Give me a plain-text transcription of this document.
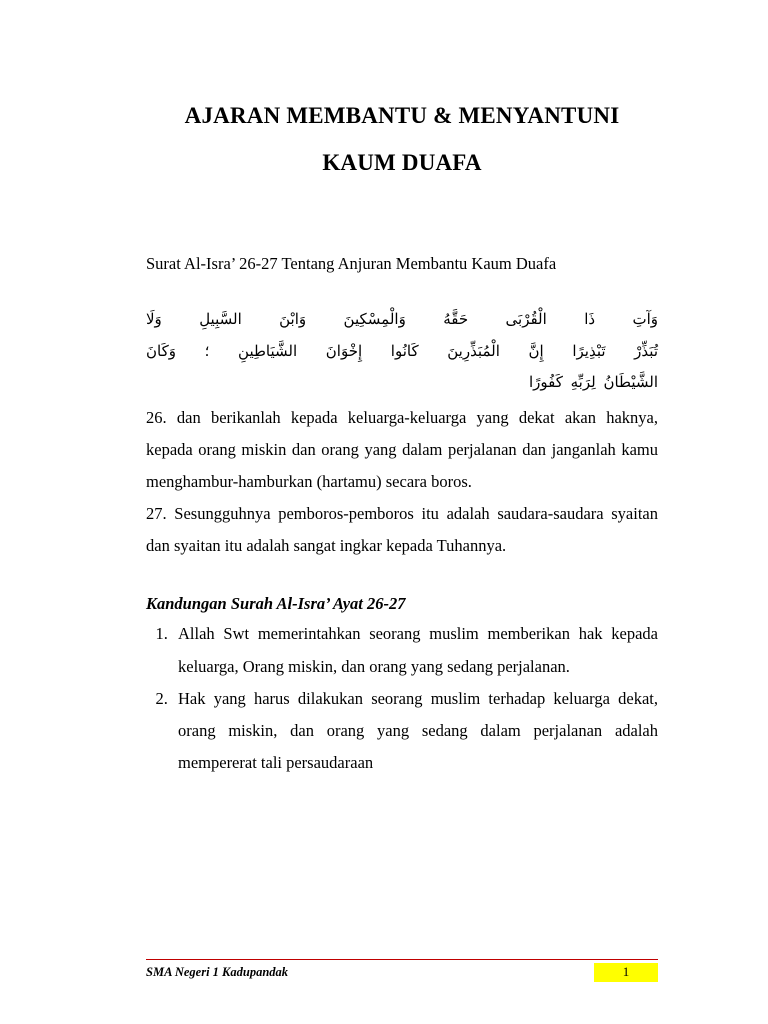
AJARAN MEMBANTU & MENYANTUNI
KAUM DUAFA
Surat Al-Isra’ 26-27 Tentang Anjuran Membantu Kaum Duafa
وَآتِ ذَا الْقُرْبَى حَقَّهُ وَالْمِسْكِينَ وَابْنَ السَّبِيلِ وَلَا
تُبَذِّرْ تَبْذِيرًا إِنَّ الْمُبَذِّرِينَ كَانُوا إِخْوَانَ الشَّيَاطِينِ ؛ وَكَانَ
الشَّيْطَانُ لِرَبِّهِ كَفُورًا

26. dan berikanlah kepada keluarga-keluarga yang dekat akan haknya, kepada orang miskin dan orang yang dalam perjalanan dan janganlah kamu menghambur-hamburkan (hartamu) secara boros.

27. Sesungguhnya pemboros-pemboros itu adalah saudara-saudara syaitan dan syaitan itu adalah sangat ingkar kepada Tuhannya.

Kandungan Surah Al-Isra’ Ayat 26-27
1. Allah Swt memerintahkan seorang muslim memberikan hak kepada keluarga, Orang miskin, dan orang yang sedang perjalanan.
2. Hak yang harus dilakukan seorang muslim terhadap keluarga dekat, orang miskin, dan orang yang sedang dalam perjalanan adalah mempererat tali persaudaraan
SMA Negeri 1 Kadupandak	1
